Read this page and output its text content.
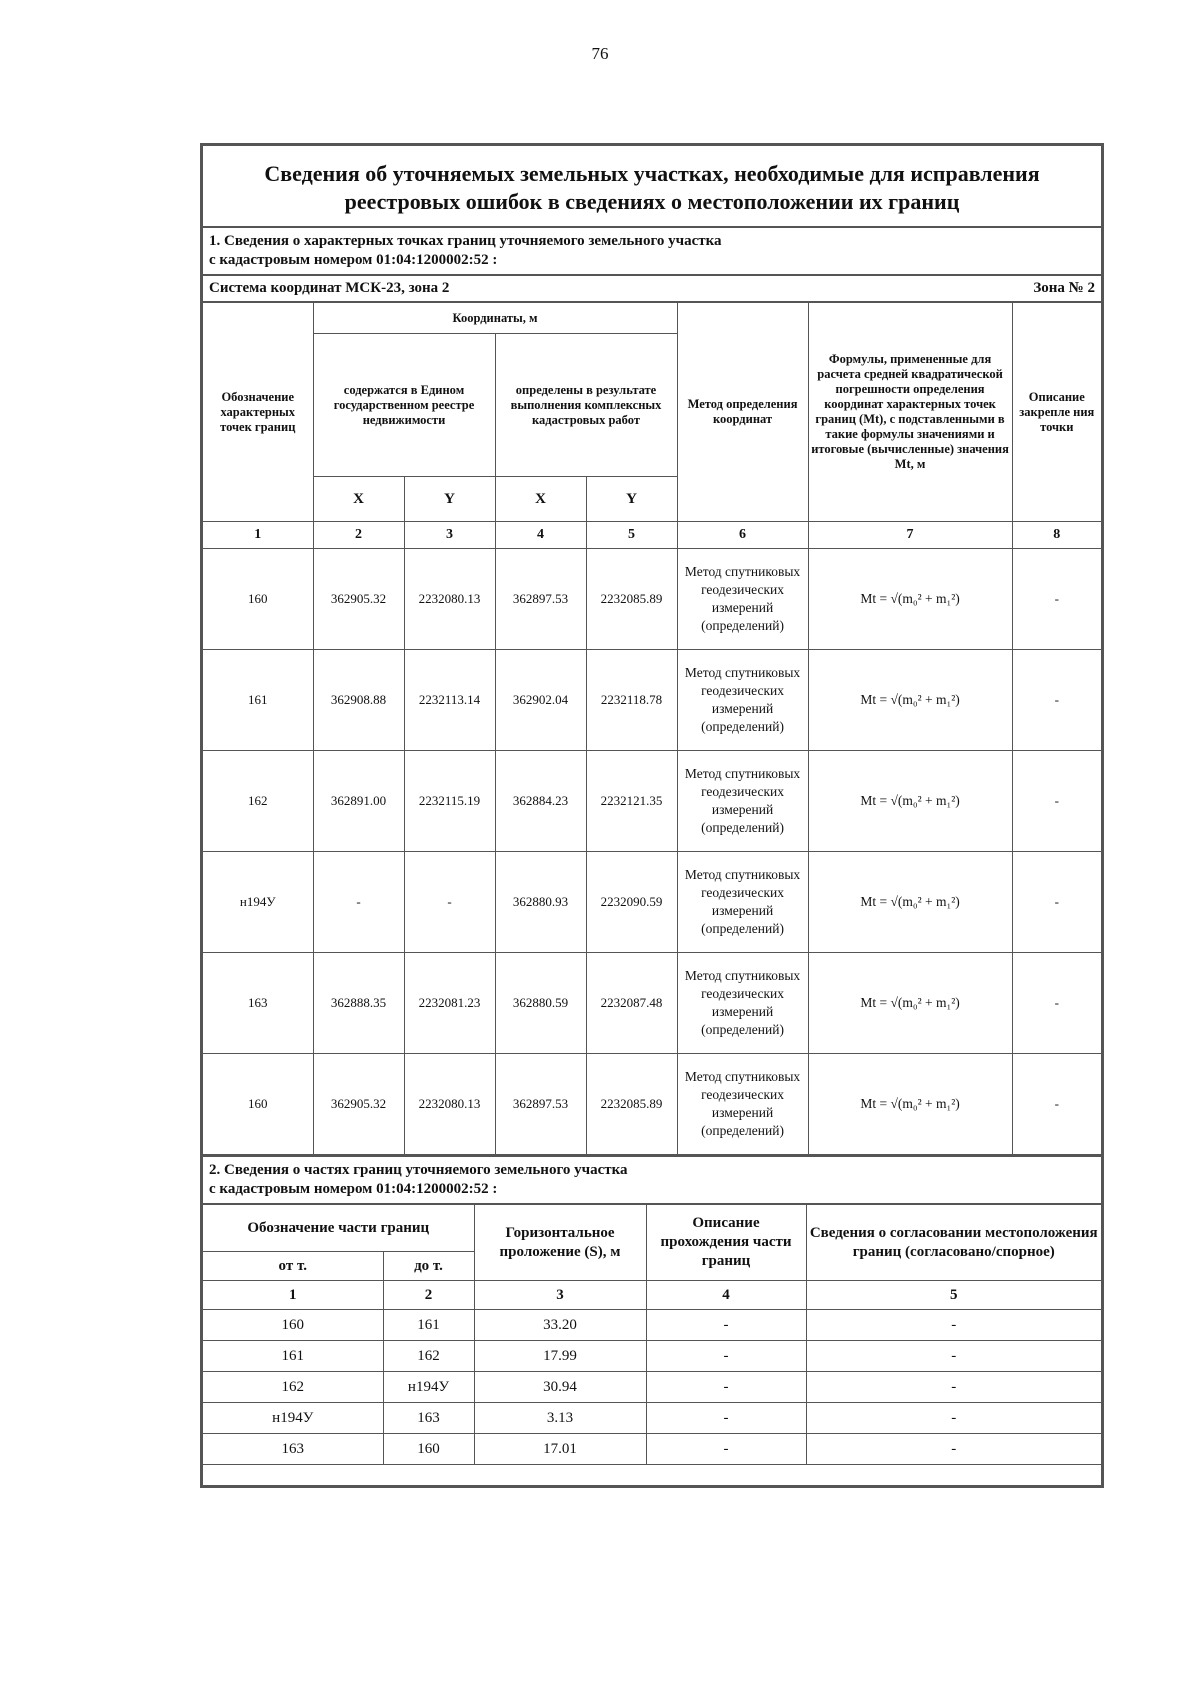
76
Сведения об уточняемых земельных участках, необходимые для исправления
реестровых ошибок в сведениях о местоположении их границ
1. Сведения о характерных точках границ уточняемого земельного участка
с кадастровым номером 01:04:1200002:52 :
Система координат МСК-23, зона 2	Зона № 2
Обозначение характерных точек границ	Координаты, м				Метод определения координат	Формулы, примененные для расчета средней квадратической погрешности определения координат характерных точек границ (Mt), с подставленными в такие формулы значениями и итоговые (вычисленные) значения Mt, м	Описание закрепле ния точки
	содержатся в Едином государственном реестре недвижимости		определены в результате выполнения комплексных кадастровых работ				
	X	Y	X	Y			
1	2	3	4	5	6	7	8
160	362905.32	2232080.13	362897.53	2232085.89	Метод спутниковых геодезических измерений (определений)	Mt = √(m₀² + m₁²)	-
161	362908.88	2232113.14	362902.04	2232118.78	Метод спутниковых геодезических измерений (определений)	Mt = √(m₀² + m₁²)	-
162	362891.00	2232115.19	362884.23	2232121.35	Метод спутниковых геодезических измерений (определений)	Mt = √(m₀² + m₁²)	-
н194У	-	-	362880.93	2232090.59	Метод спутниковых геодезических измерений (определений)	Mt = √(m₀² + m₁²)	-
163	362888.35	2232081.23	362880.59	2232087.48	Метод спутниковых геодезических измерений (определений)	Mt = √(m₀² + m₁²)	-
160	362905.32	2232080.13	362897.53	2232085.89	Метод спутниковых геодезических измерений (определений)	Mt = √(m₀² + m₁²)	-
2. Сведения о частях границ уточняемого земельного участка
с кадастровым номером 01:04:1200002:52 :
Обозначение части границ		Горизонтальное проложение (S), м	Описание прохождения части границ	Сведения о согласовании местоположения границ (согласовано/спорное)
от т.	до т.			
1	2	3	4	5
160	161	33.20	-	-
161	162	17.99	-	-
162	н194У	30.94	-	-
н194У	163	3.13	-	-
163	160	17.01	-	-
